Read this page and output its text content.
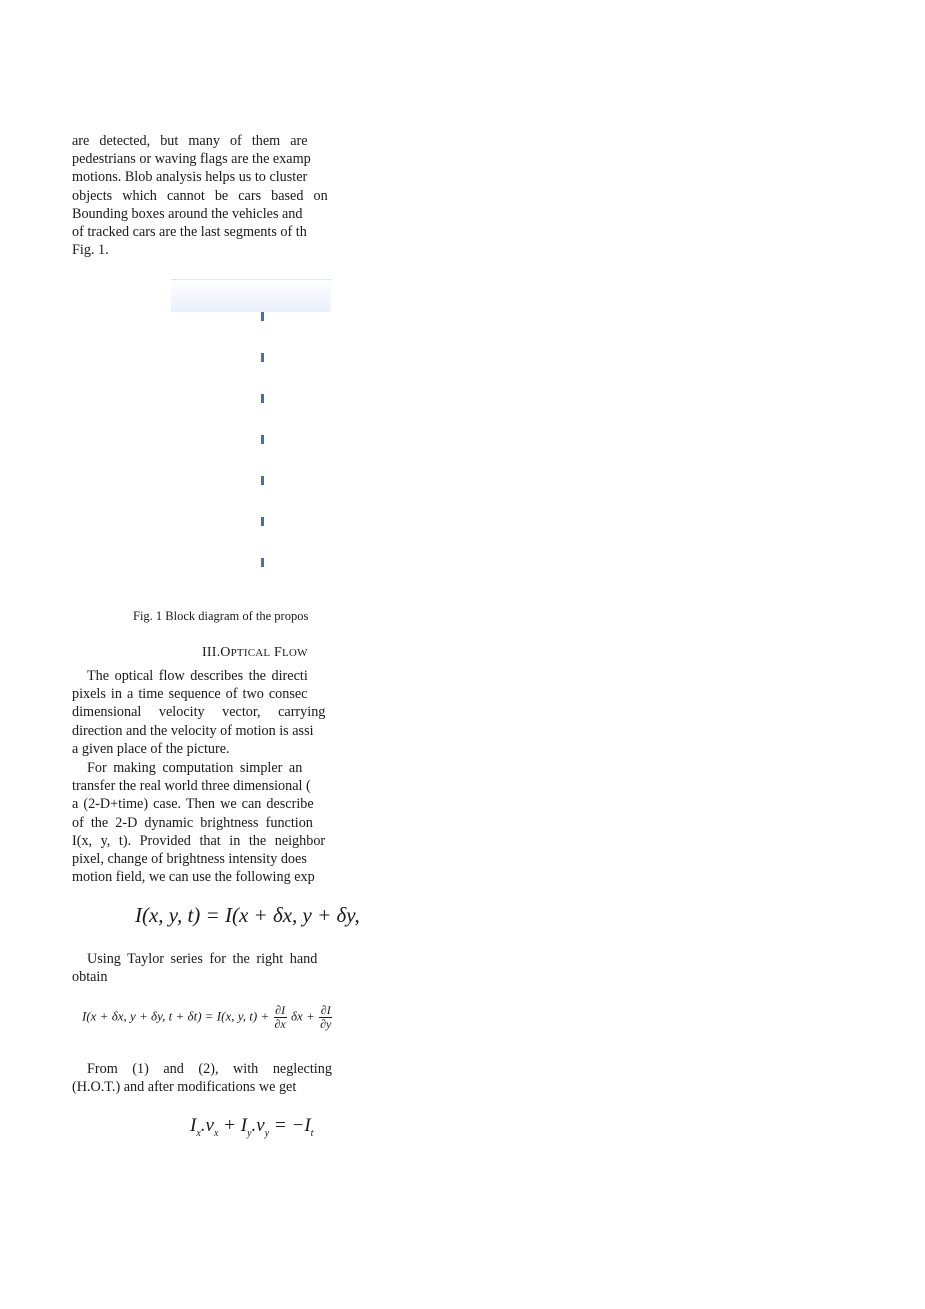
are detected, but many of them are
pedestrians or waving flags are the examp
motions. Blob analysis helps us to cluster
objects which cannot be cars based on
Bounding boxes around the vehicles and
of tracked cars are the last segments of th
Fig. 1.
Fig. 1 Block diagram of the propos
III.OPTICAL FLOW
The optical flow describes the directi
pixels in a time sequence of two consec
dimensional velocity vector, carrying
direction and the velocity of motion is assi
a given place of the picture.
For making computation simpler an
transfer the real world three dimensional (
a (2-D+time) case. Then we can describe
of the 2-D dynamic brightness function
I(x, y, t). Provided that in the neighbor
pixel, change of brightness intensity does
motion field, we can use the following exp
I(x, y, t) = I(x + δx, y + δy,
Using Taylor series for the right hand
obtain
I(x + δx, y + δy, t + δt) = I(x, y, $t) + \frac{\partial I}{\partial x}$ $\delta x + \frac{\partial I}{\partial y}$
From (1) and (2), with neglecting
(H.O.T.) and after modifications we get
$I_x.v_x + I_y.v_y = -I_t$
